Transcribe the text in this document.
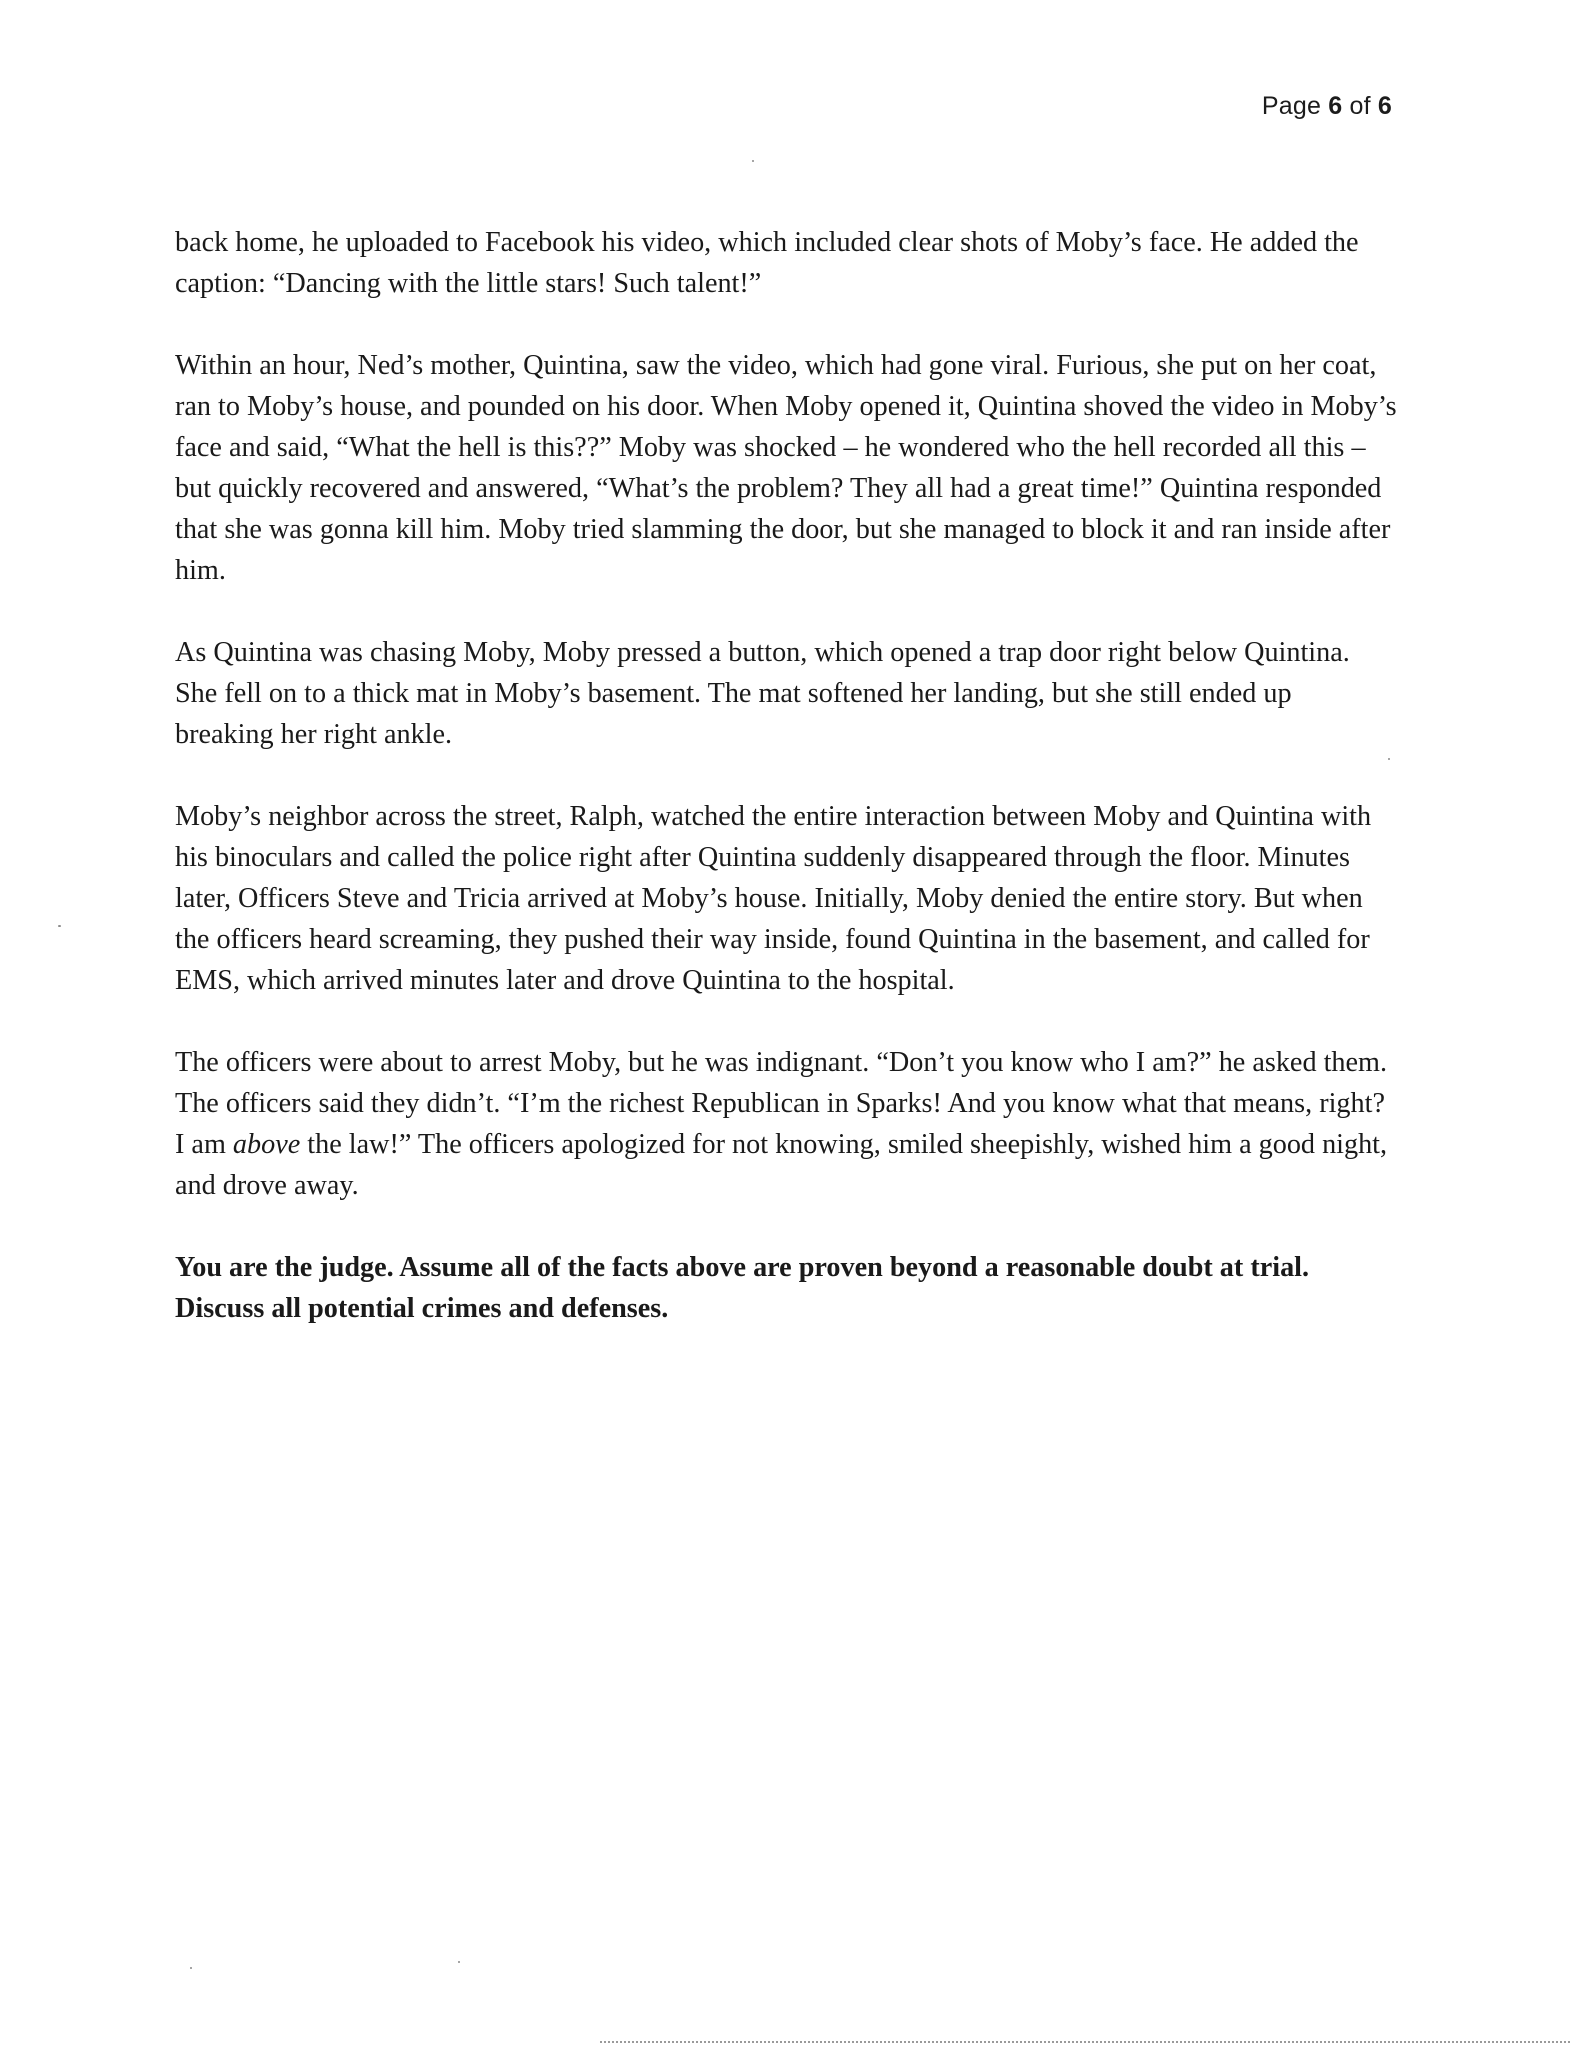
Page 6 of 6

back home, he uploaded to Facebook his video, which included clear shots of Moby’s face. He added the caption: “Dancing with the little stars! Such talent!”

Within an hour, Ned’s mother, Quintina, saw the video, which had gone viral. Furious, she put on her coat, ran to Moby’s house, and pounded on his door. When Moby opened it, Quintina shoved the video in Moby’s face and said, “What the hell is this??” Moby was shocked – he wondered who the hell recorded all this – but quickly recovered and answered, “What’s the problem? They all had a great time!” Quintina responded that she was gonna kill him. Moby tried slamming the door, but she managed to block it and ran inside after him.

As Quintina was chasing Moby, Moby pressed a button, which opened a trap door right below Quintina. She fell on to a thick mat in Moby’s basement. The mat softened her landing, but she still ended up breaking her right ankle.

Moby’s neighbor across the street, Ralph, watched the entire interaction between Moby and Quintina with his binoculars and called the police right after Quintina suddenly disappeared through the floor. Minutes later, Officers Steve and Tricia arrived at Moby’s house. Initially, Moby denied the entire story. But when the officers heard screaming, they pushed their way inside, found Quintina in the basement, and called for EMS, which arrived minutes later and drove Quintina to the hospital.

The officers were about to arrest Moby, but he was indignant. “Don’t you know who I am?” he asked them. The officers said they didn’t. “I’m the richest Republican in Sparks! And you know what that means, right? I am above the law!” The officers apologized for not knowing, smiled sheepishly, wished him a good night, and drove away.

You are the judge. Assume all of the facts above are proven beyond a reasonable doubt at trial. Discuss all potential crimes and defenses.
